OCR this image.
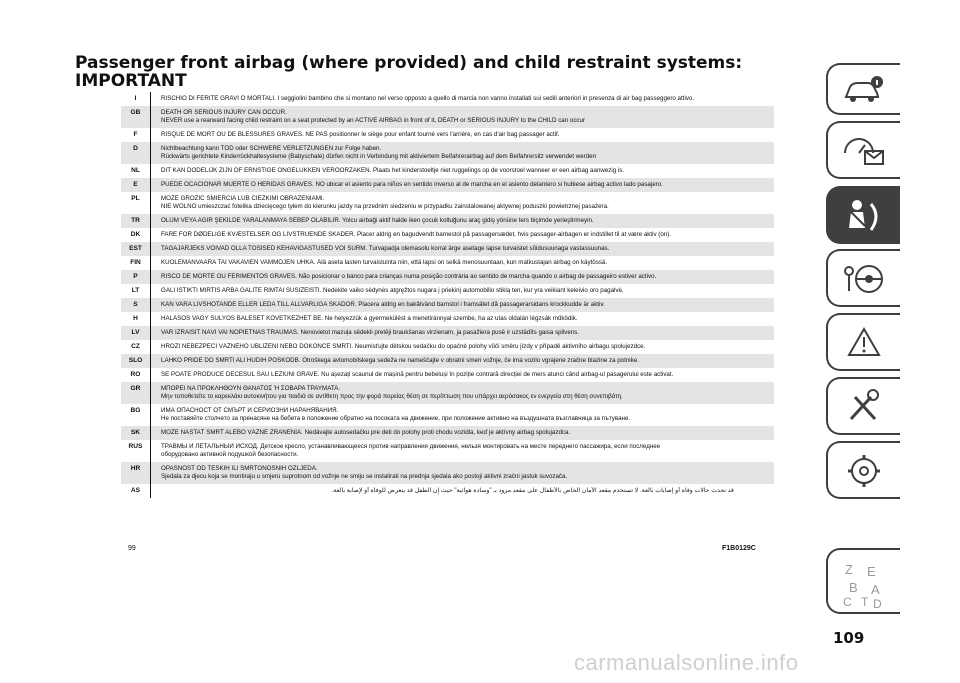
Passenger front airbag (where provided) and child restraint systems:
IMPORTANT
I	RISCHIO DI FERITE GRAVI O MORTALI. I seggiolini bambino che si montano nel verso opposto a quello di marcia non vanno installati sui sedili anteriori in presenza di air bag passeggero attivo.
GB	DEATH OR SERIOUS INJURY CAN OCCUR.
NEVER use a rearward facing child restraint on a seat protected by an ACTIVE AIRBAG in front of it, DEATH or SERIOUS INJURY to the CHILD can occur
F	RISQUE DE MORT OU DE BLESSURES GRAVES. NE PAS positionner le siège pour enfant tourné vers l'arrière, en cas d'air bag passager actif.
D	Nichtbeachtung kann TOD oder SCHWERE VERLETZUNGEN zur Folge haben.
Rückwärts gerichtete Kinderrückhaltesysteme (Babyschale) dürfen nicht in Verbindung mit aktiviertem Beifahrerairbag auf dem Beifahrersitz verwendet werden
NL	DIT KAN DODELIJK ZIJN OF ERNSTIGE ONGELUKKEN VEROORZAKEN. Plaats het kinderstoeltje niet ruggelings op de voorstoel wanneer er een airbag aanwezig is.
E	PUEDE OCACIONAR MUERTE O HERIDAS GRAVES. NO ubicar el asiento para niños en sentido inverso al de marcha en el asiento delantero si hubiese airbag activo lado pasajero.
PL	MOŻE GROZIĆ ŚMIERCIA LUB CIEŻKIMI OBRAŻENIAMI.
NIE WOLNO umieszczać fotelika dziecięcego tyłem do kierunku jazdy na przednim siedzeniu w przypadku zainstalowanej aktywnej poduszki powietrznej pasażera.
TR	ÖLÜM VEYA AĞIR ŞEKİLDE YARALANMAYA SEBEP OLABİLİR. Yolcu airbaği aktif halde iken çocuk koltuğunu araç gidiş yönüne ters biçimde yerleştirmeyin.
DK	FARE FOR DØDELIGE KVÆSTELSER OG LIVSTRUENDE SKADER. Placer aldrig en bagudvendt barnestol på passagersædet, hvis passager-airbagen er indstillet til at være aktiv (on).
EST	TAGAJÄRJEKS VÕIVAD OLLA TÕSISED KEHAVIGASTUSED VÕI SURM. Turvapadja olemasolu korral ärge asetage lapse turvaistet sõidusuunaga vastassuunas.
FIN	KUOLEMANVAARA TAI VAKAVIEN VAMMOJEN UHKA. Älä aseta lasten turvaistuinta niin, että lapsi on selkä menosuuntaan, kun matkustajan airbag on käytössä.
P	RISCO DE MORTE OU FERIMENTOS GRAVES. Não posicionar o banco para crianças numa posição contrária ao sentido de marcha quando o airbag de passageiro estiver activo.
LT	GALI IŠTIKTI MIRTIS ARBA GALITE RIMTAI SUSIŽEISTI. Nedėkite vaiko sėdynės atgręžtos nugara į priekinį automobilio stiklą ten, kur yra veikiant keleivio oro pagalvė.
S	KAN VARA LIVSHOTANDE ELLER LEDA TILL ALLVARLIGA SKADOR. Placera aldrig en bakåtvänd barnstol i framsätet då passagerarsidans krockkudde är aktiv.
H	HALÁSOS VAGY SÚLYOS BALESET KÖVETKEZHET BE. Ne helyezzük a gyermekülést a menetiránnyal szembe, ha az utas oldalán légzsák működik.
LV	VAR IZRAISĪT NĀVI VAI NOPIETNAS TRAUMAS. Nenovietot mazuļa sēdekli pretēji braukšanas virzienam, ja pasažiera pusē ir uzstādīts gaisa spilvens.
CZ	HROZÍ NEBEZPEČÍ VÁŽNÉHO UBLÍŽENÍ NEBO DOKONCE SMRTI. Neumisťujte dětskou sedačku do opačné polohy vůči směru jízdy v případě aktivního airbagu spolujezdce.
SLO	LAHKO PRIDE DO SMRTI ALI HUDIH POŠKODB. Otroškega avtomobilskega sedeža ne nameščajte v obratni smeri vožnje, če ima vozilo vgrajene zračne blazine za potnike.
RO	SE POATE PRODUCE DECESUL SAU LEZIUNI GRAVE. Nu așezați scaunul de mașină pentru bebeluși în poziție contrară direcției de mers atunci când airbag-ul pasagerului este activat.
GR	ΜΠΟΡΕΙ ΝΑ ΠΡΟΚΛΗΘΟΥΝ ΘΑΝΑΤΟΣ Ή ΣΟΒΑΡΑ ΤΡΑΥΜΑΤΑ.
Μην τοποθετείτε το καρεκλάκι αυτοκινήτου για παιδιά σε αντίθετη προς την φορά πορείας θέση σε περίπτωση που υπάρχει αερόσακος εν ενεργεία στη θέση συνεπιβάτη.
BG	ИМА ОПАСНОСТ ОТ СМЪРТ И СЕРИОЗНИ НАРАНЯВАНИЯ.
Не поставяйте столчето за пренасяне на бебета в положение обратно на посоката на движение, при положение активно на въздушната възглавница за пътуване.
SK	MÔŽE NASTAŤ SMRŤ ALEBO VÁŽNE ZRANENIA. Nedávajte autosedačku pre deti do polohy proti chodu vozidla, keď je aktívny airbag spolujazdca.
RUS	ТРАВМЫ И ЛЕТАЛЬНЫЙ ИСХОД. Детское кресло, устанавливающееся против направления движения, нельзя монтировать на месте переднего пассажира, если последнее
оборудовано активной подушкой безопасности.
HR	OPASNOST OD TEŠKIH ILI SMRTONOSNIH OZLJEDA.
Sjedala za djecu koja se montiraju u smjeru suprotnom od vožnje ne smiju se instalirati na prednja sjedala ako postoji aktivni zračni jastuk suvozača.
AS	قد تحدث حالات وفاة أو إصابات بالغة. لا تستخدم مقعد الأمان الخاص بالأطفال على مقعد مزود بـ "وسادة هوائية" حيث إن الطفل قد يتعرض للوفاة أو لإصابة بالغة.
99	F1B0129C
109
carmanualsonline.info
Z E
B A
C T D
